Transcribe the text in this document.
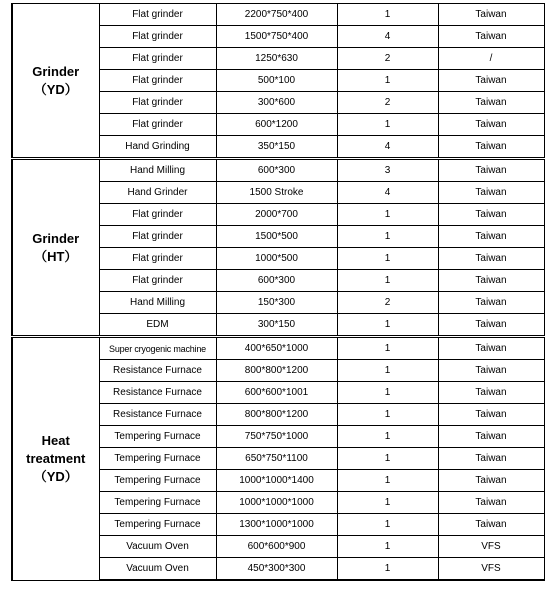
Grinder
（YD）	Flat grinder	2200*750*400	1	Taiwan
	Flat grinder	1500*750*400	4	Taiwan
	Flat grinder	1250*630	2	/
	Flat grinder	500*100	1	Taiwan
	Flat grinder	300*600	2	Taiwan
	Flat grinder	600*1200	1	Taiwan
	Hand Grinding	350*150	4	Taiwan

Grinder
（HT）	Hand Milling	600*300	3	Taiwan
	Hand Grinder	1500 Stroke	4	Taiwan
	Flat grinder	2000*700	1	Taiwan
	Flat grinder	1500*500	1	Taiwan
	Flat grinder	1000*500	1	Taiwan
	Flat grinder	600*300	1	Taiwan
	Hand Milling	150*300	2	Taiwan
	EDM	300*150	1	Taiwan

Heat
treatment
（YD）	Super cryogenic machine	400*650*1000	1	Taiwan
	Resistance Furnace	800*800*1200	1	Taiwan
	Resistance Furnace	600*600*1001	1	Taiwan
	Resistance Furnace	800*800*1200	1	Taiwan
	Tempering Furnace	750*750*1000	1	Taiwan
	Tempering Furnace	650*750*1100	1	Taiwan
	Tempering Furnace	1000*1000*1400	1	Taiwan
	Tempering Furnace	1000*1000*1000	1	Taiwan
	Tempering Furnace	1300*1000*1000	1	Taiwan
	Vacuum Oven	600*600*900	1	VFS
	Vacuum Oven	450*300*300	1	VFS
